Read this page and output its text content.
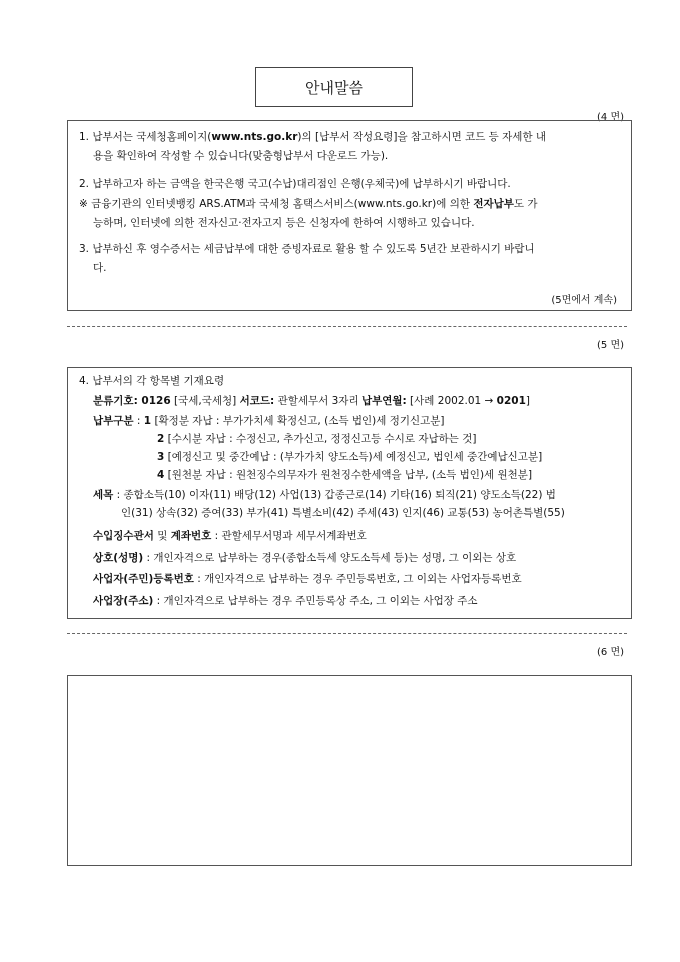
안내말씀
(4 면)
1. 납부서는 국세청홈페이지(www.nts.go.kr)의 [납부서 작성요령]을 참고하시면 코드 등 자세한 내
용을 확인하여 작성할 수 있습니다(맞춤형납부서 다운로드 가능).
2. 납부하고자 하는 금액을 한국은행 국고(수납)대리점인 은행(우체국)에 납부하시기 바랍니다.
※ 금융기관의 인터넷뱅킹 ARS.ATM과 국세청 홈택스서비스(www.nts.go.kr)에 의한 전자납부도 가
능하며, 인터넷에 의한 전자신고·전자고지 등은 신청자에 한하여 시행하고 있습니다.
3. 납부하신 후 영수증서는 세금납부에 대한 증빙자료로 활용 할 수 있도록 5년간 보관하시기 바랍니
다.
(5면에서 계속)
(5 면)
4. 납부서의 각 항목별 기재요령
분류기호: 0126 [국세,국세청] 서코드: 관할세무서 3자리 납부연월: [사례 2002.01 → 0201]
납부구분 : 1 [확정분 자납 : 부가가치세 확정신고, (소득 법인)세 정기신고분]
2 [수시분 자납 : 수정신고, 추가신고, 정정신고등 수시로 자납하는 것]
3 [예정신고 및 중간예납 : (부가가치 양도소득)세 예정신고, 법인세 중간예납신고분]
4 [원천분 자납 : 원천징수의무자가 원천징수한세액을 납부, (소득 법인)세 원천분]
세목 : 종합소득(10) 이자(11) 배당(12) 사업(13) 갑종근로(14) 기타(16) 퇴직(21) 양도소득(22) 법
인(31) 상속(32) 증여(33) 부가(41) 특별소비(42) 주세(43) 인지(46) 교통(53) 농어촌특별(55)
수입징수관서 및 계좌번호 : 관할세무서명과 세무서계좌번호
상호(성명) : 개인자격으로 납부하는 경우(종합소득세 양도소득세 등)는 성명, 그 이외는 상호
사업자(주민)등록번호 : 개인자격으로 납부하는 경우 주민등록번호, 그 이외는 사업자등록번호
사업장(주소) : 개인자격으로 납부하는 경우 주민등록상 주소, 그 이외는 사업장 주소
(6 면)
